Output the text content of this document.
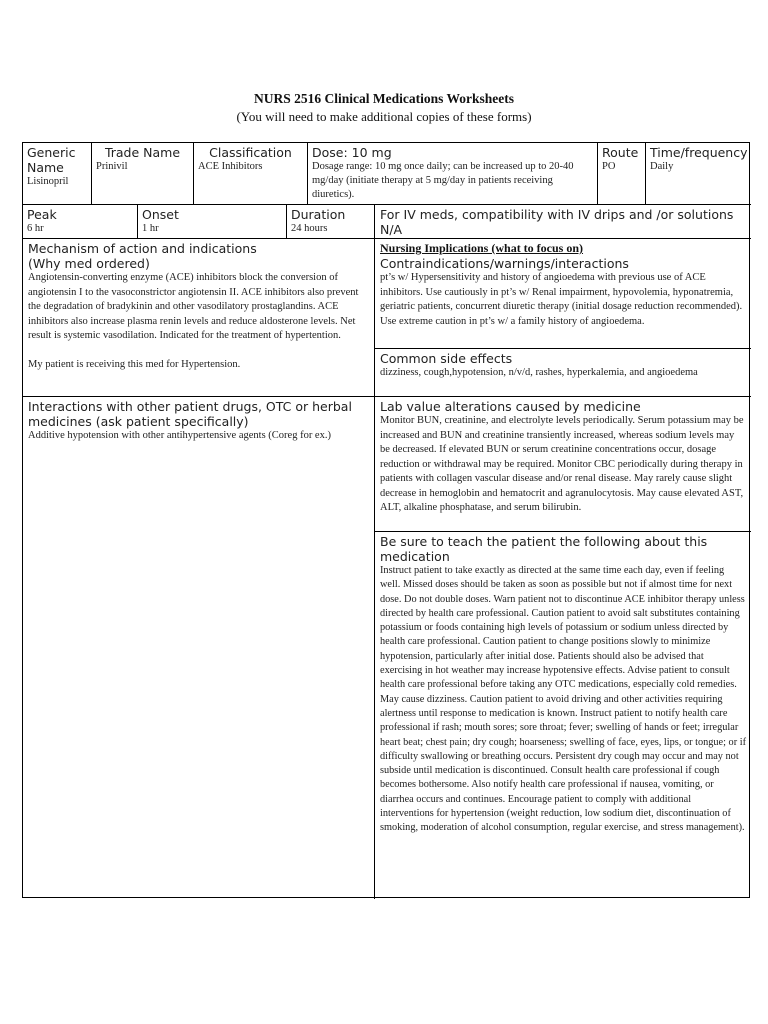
NURS 2516 Clinical Medications Worksheets
(You will need to make additional copies of these forms)
Generic
Name
Lisinopril
Trade Name
Prinivil
Classification
ACE Inhibitors
Dose: 10 mg
Dosage range: 10 mg once daily; can be increased up to 20-40 mg/day (initiate therapy at 5 mg/day in patients receiving diuretics).
Route
PO
Time/frequency
Daily
Peak
6 hr
Onset
1 hr
Duration
24 hours
For IV meds, compatibility with IV drips and /or solutions
N/A
Mechanism of action and indications
(Why med ordered)
Angiotensin-converting enzyme (ACE) inhibitors block the conversion of angiotensin I to the vasoconstrictor angiotensin II. ACE inhibitors also prevent the degradation of bradykinin and other vasodilatory prostaglandins. ACE inhibitors also increase plasma renin levels and reduce aldosterone levels. Net result is systemic vasodilation. Indicated for the treatment of hypertention.
My patient is receiving this med for Hypertension.
Interactions with other patient drugs, OTC or herbal medicines (ask patient specifically)
Additive hypotension with other antihypertensive agents (Coreg for ex.)
Nursing Implications (what to focus on)
Contraindications/warnings/interactions
pt’s w/ Hypersensitivity and history of angioedema with previous use of ACE inhibitors. Use cautiously in pt’s w/ Renal impairment, hypovolemia, hyponatremia, geriatric patients, concurrent diuretic therapy (initial dosage reduction recommended). Use extreme caution in pt’s w/ a family history of angioedema.
Common side effects
dizziness, cough,hypotension, n/v/d, rashes, hyperkalemia, and angioedema
Lab value alterations caused by medicine
Monitor BUN, creatinine, and electrolyte levels periodically. Serum potassium may be increased and BUN and creatinine transiently increased, whereas sodium levels may be decreased. If elevated BUN or serum creatinine concentrations occur, dosage reduction or withdrawal may be required. Monitor CBC periodically during therapy in patients with collagen vascular disease and/or renal disease. May rarely cause slight decrease in hemoglobin and hematocrit and agranulocytosis. May cause elevated AST, ALT, alkaline phosphatase, and serum bilirubin.
Be sure to teach the patient the following about this medication
Instruct patient to take exactly as directed at the same time each day, even if feeling well. Missed doses should be taken as soon as possible but not if almost time for next dose. Do not double doses. Warn patient not to discontinue ACE inhibitor therapy unless directed by health care professional. Caution patient to avoid salt substitutes containing potassium or foods containing high levels of potassium or sodium unless directed by health care professional. Caution patient to change positions slowly to minimize hypotension, particularly after initial dose. Patients should also be advised that exercising in hot weather may increase hypotensive effects. Advise patient to consult health care professional before taking any OTC medications, especially cold remedies. May cause dizziness. Caution patient to avoid driving and other activities requiring alertness until response to medication is known. Instruct patient to notify health care professional if rash; mouth sores; sore throat; fever; swelling of hands or feet; irregular heart beat; chest pain; dry cough; hoarseness; swelling of face, eyes, lips, or tongue; or if difficulty swallowing or breathing occurs. Persistent dry cough may occur and may not subside until medication is discontinued. Consult health care professional if cough becomes bothersome. Also notify health care professional if nausea, vomiting, or diarrhea occurs and continues. Encourage patient to comply with additional interventions for hypertension (weight reduction, low sodium diet, discontinuation of smoking, moderation of alcohol consumption, regular exercise, and stress management).
